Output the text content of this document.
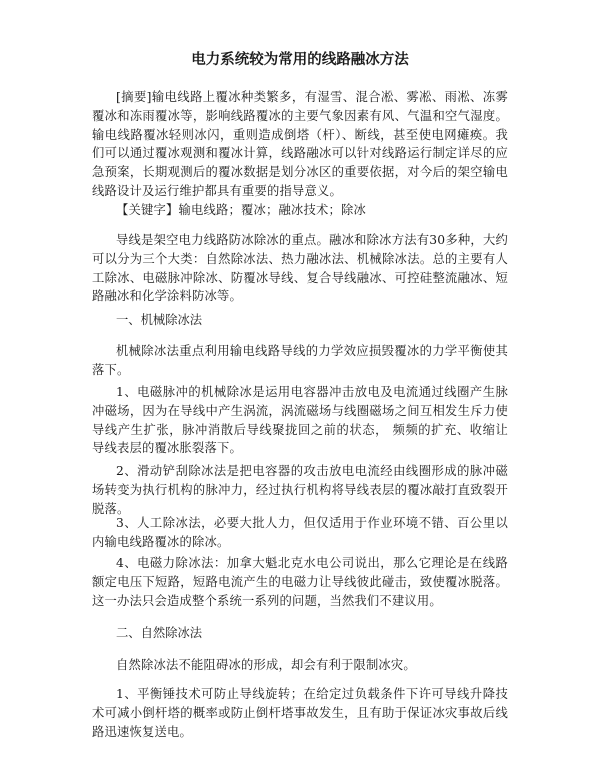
电力系统较为常用的线路融冰方法

[摘要]输电线路上覆冰种类繁多，有湿雪、混合凇、雾凇、雨凇、冻雾覆冰和冻雨覆冰等，影响线路覆冰的主要气象因素有风、气温和空气湿度。输电线路覆冰轻则冰闪，重则造成倒塔（杆）、断线，甚至使电网瘫痪。我们可以通过覆冰观测和覆冰计算，线路融冰可以针对线路运行制定详尽的应急预案，长期观测后的覆冰数据是划分冰区的重要依据，对今后的架空输电线路设计及运行维护都具有重要的指导意义。

【关键字】输电线路；覆冰；融冰技术；除冰

导线是架空电力线路防冰除冰的重点。融冰和除冰方法有30多种，大约可以分为三个大类：自然除冰法、热力融冰法、机械除冰法。总的主要有人工除冰、电磁脉冲除冰、防覆冰导线、复合导线融冰、可控硅整流融冰、短路融冰和化学涂料防冰等。

一、机械除冰法

机械除冰法重点利用输电线路导线的力学效应损毁覆冰的力学平衡使其落下。

1、电磁脉冲的机械除冰是运用电容器冲击放电及电流通过线圈产生脉冲磁场，因为在导线中产生涡流，涡流磁场与线圈磁场之间互相发生斥力使导线产生扩张，脉冲消散后导线聚拢回之前的状态， 频频的扩充、收缩让导线表层的覆冰胀裂落下。

2、滑动铲刮除冰法是把电容器的攻击放电电流经由线圈形成的脉冲磁场转变为执行机构的脉冲力，经过执行机构将导线表层的覆冰敲打直致裂开脱落。

3、人工除冰法，必要大批人力，但仅适用于作业环境不错、百公里以内输电线路覆冰的除冰。

4、电磁力除冰法：加拿大魁北克水电公司说出，那么它理论是在线路额定电压下短路，短路电流产生的电磁力让导线彼此碰击，致使覆冰脱落。这一办法只会造成整个系统一系列的问题，当然我们不建议用。

二、自然除冰法

自然除冰法不能阻碍冰的形成，却会有利于限制冰灾。

1、平衡锤技术可防止导线旋转；在给定过负载条件下许可导线升降技术可减小倒杆塔的概率或防止倒杆塔事故发生，且有助于保证冰灾事故后线路迅速恢复送电。
